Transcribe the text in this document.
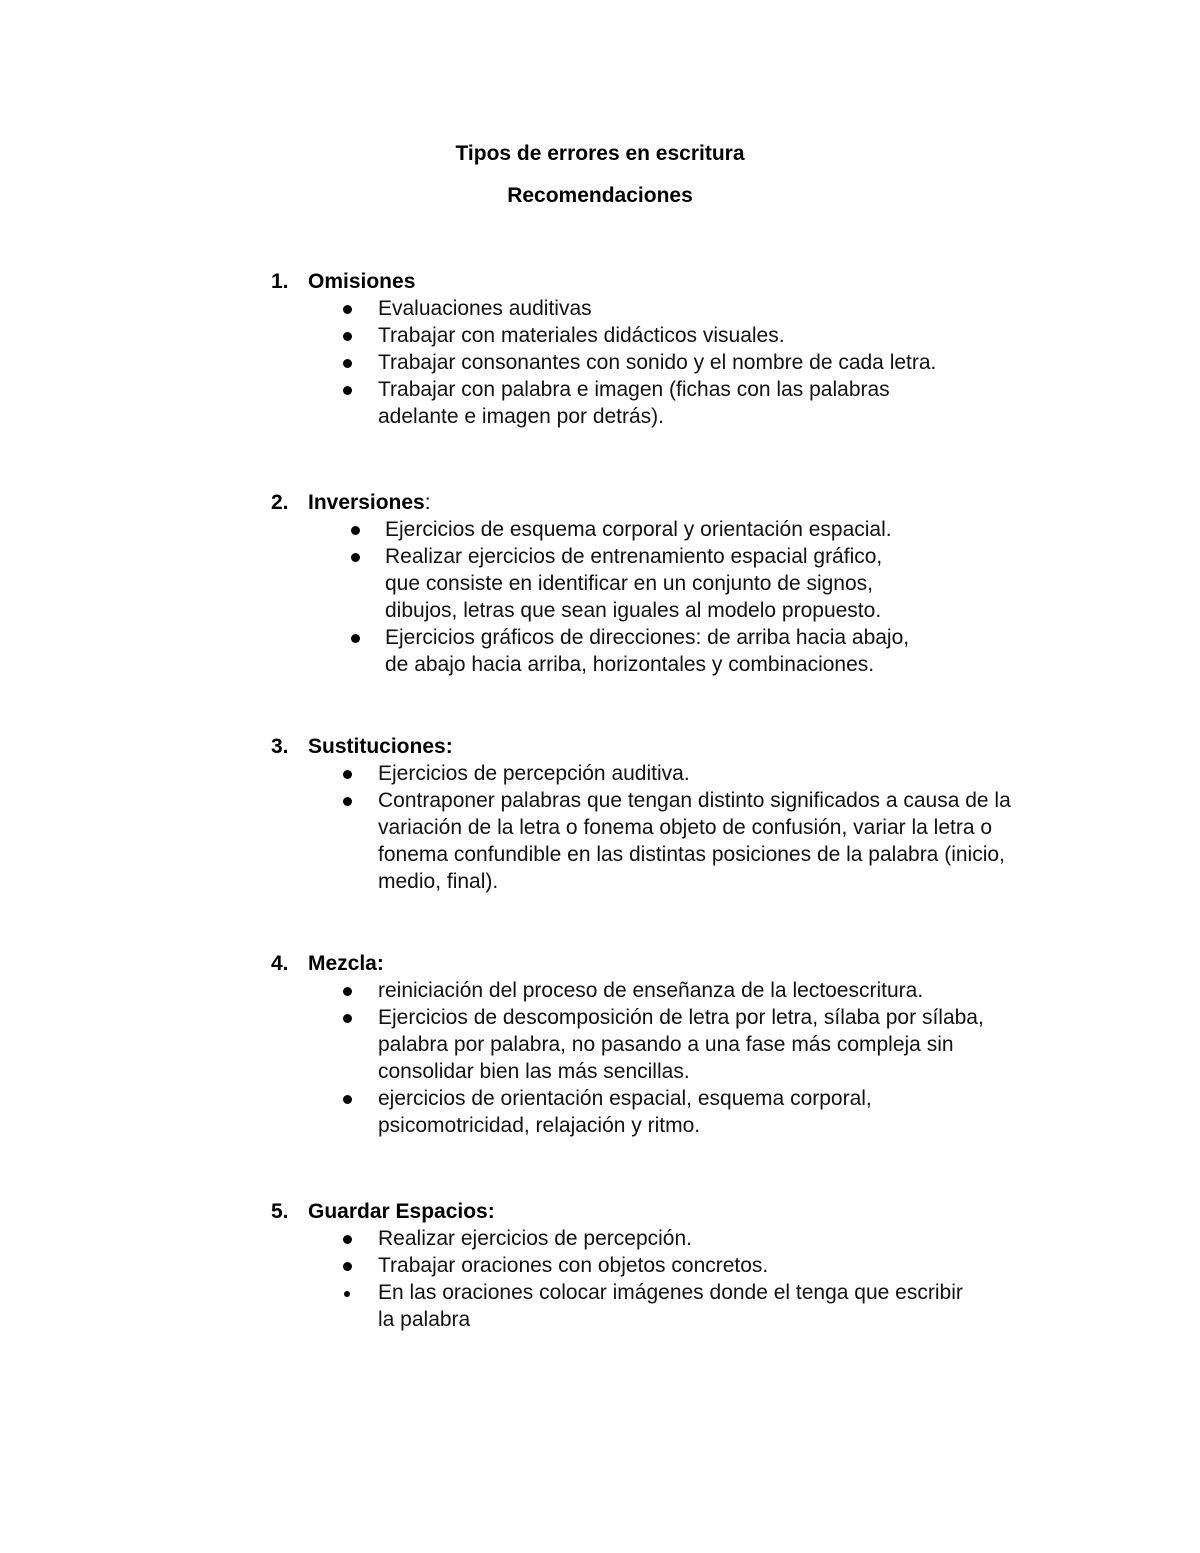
Tipos de errores en escritura
Recomendaciones
1. Omisiones
Evaluaciones auditivas
Trabajar con materiales didácticos visuales.
Trabajar consonantes con sonido y el nombre de cada letra.
Trabajar con palabra e imagen (fichas con las palabras adelante e imagen por detrás).
2. Inversiones:
Ejercicios de esquema corporal y orientación espacial.
Realizar ejercicios de entrenamiento espacial gráfico, que consiste en identificar en un conjunto de signos, dibujos, letras que sean iguales al modelo propuesto.
Ejercicios gráficos de direcciones: de arriba hacia abajo, de abajo hacia arriba, horizontales y combinaciones.
3. Sustituciones:
Ejercicios de percepción auditiva.
Contraponer palabras que tengan distinto significados a causa de la variación de la letra o fonema objeto de confusión, variar la letra o fonema confundible en las distintas posiciones de la palabra (inicio, medio, final).
4. Mezcla:
reiniciación del proceso de enseñanza de la lectoescritura.
Ejercicios de descomposición de letra por letra, sílaba por sílaba, palabra por palabra, no pasando a una fase más compleja sin consolidar bien las más sencillas.
ejercicios de orientación espacial, esquema corporal, psicomotricidad, relajación y ritmo.
5. Guardar Espacios:
Realizar ejercicios de percepción.
Trabajar oraciones con objetos concretos.
En las oraciones colocar imágenes donde el tenga que escribir la palabra
